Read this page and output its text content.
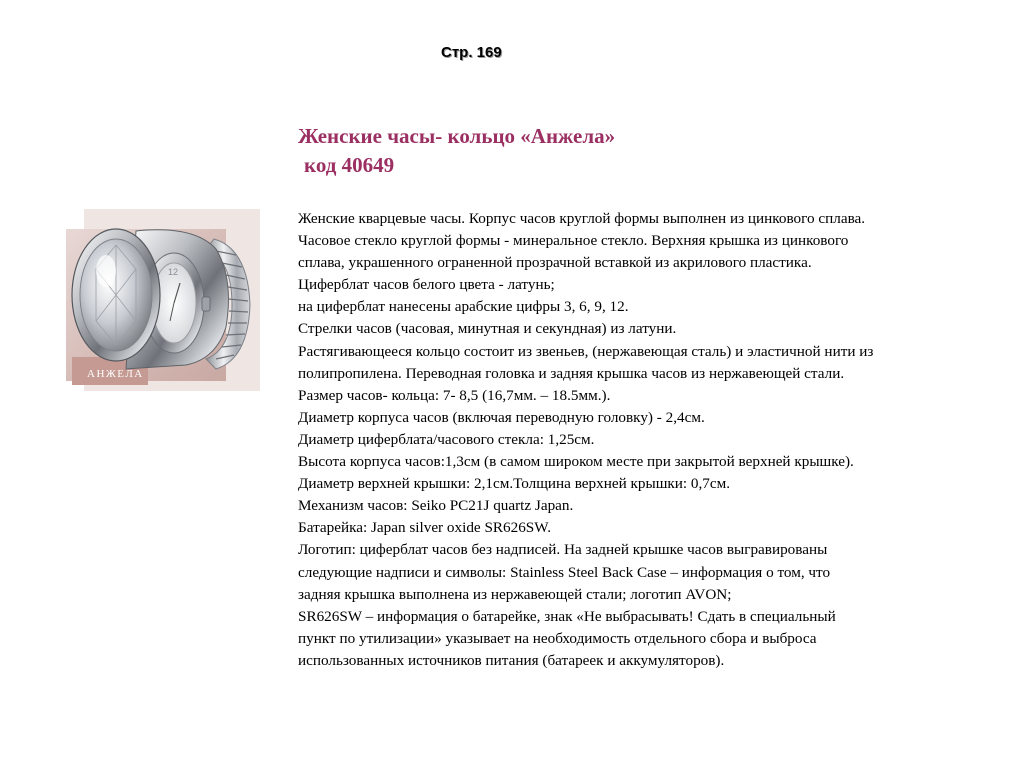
Стр. 169
Женские часы- кольцо «Анжела»
код 40649
12
АНЖЕЛА
Женские кварцевые часы. Корпус часов круглой формы выполнен из цинкового сплава.
Часовое стекло круглой формы - минеральное стекло. Верхняя крышка из цинкового
сплава, украшенного ограненной прозрачной вставкой из акрилового пластика.
Циферблат часов белого цвета - латунь;
на циферблат нанесены арабские цифры 3, 6, 9, 12.
Стрелки часов (часовая, минутная и секундная) из латуни.
Растягивающееся кольцо состоит из звеньев, (нержавеющая сталь) и эластичной нити из
полипропилена. Переводная головка и задняя крышка часов из нержавеющей стали.
Размер часов- кольца: 7- 8,5 (16,7мм. – 18.5мм.).
Диаметр корпуса часов (включая переводную головку) - 2,4см.
Диаметр циферблата/часового стекла: 1,25см.
Высота корпуса часов:1,3см (в самом широком месте при закрытой верхней крышке).
Диаметр верхней крышки: 2,1см.Толщина верхней крышки: 0,7см.
Механизм часов: Seiko PC21J quartz Japan.
Батарейка: Japan silver oxide SR626SW.
Логотип: циферблат часов без надписей. На задней крышке часов выгравированы
следующие надписи и символы: Stainless Steel Back Case – информация о том, что
задняя крышка выполнена из нержавеющей стали; логотип AVON;
SR626SW – информация о батарейке, знак «Не выбрасывать! Сдать в специальный
пункт по утилизации» указывает на необходимость отдельного сбора и выброса
использованных источников питания (батареек и аккумуляторов).
